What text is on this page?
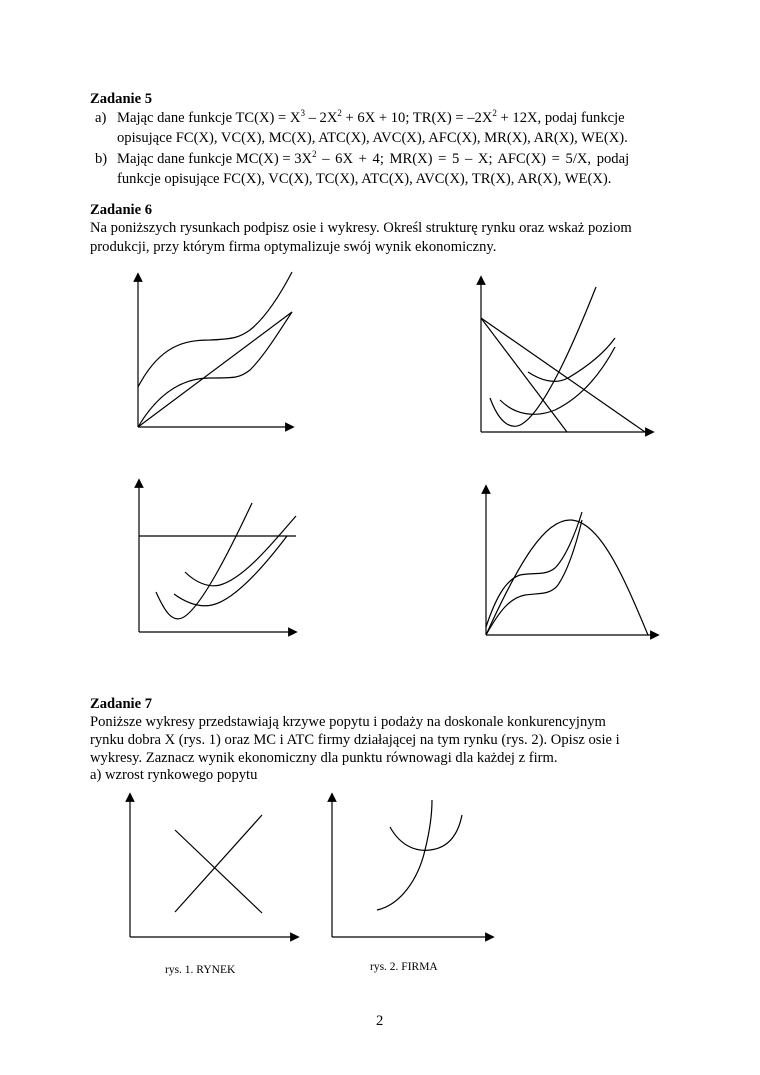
Zadanie 5
a) Mając dane funkcje $TC(X) = X^3 - 2X^2 + 6X + 10$; $TR(X) = -2X^2 + 12X$, podaj funkcje
opisujące FC(X), VC(X), MC(X), ATC(X), AVC(X), AFC(X), MR(X), AR(X), WE(X).
b) Mając dane funkcje $MC(X) = 3X^2 - 6X + 4$; MR(X) = 5 – X; AFC(X) = 5/X, podaj
funkcje opisujące FC(X), VC(X), TC(X), ATC(X), AVC(X), TR(X), AR(X), WE(X).
Zadanie 6
Na poniższych rysunkach podpisz osie i wykresy. Określ strukturę rynku oraz wskaż poziom
produkcji, przy którym firma optymalizuje swój wynik ekonomiczny.
Zadanie 7
Poniższe wykresy przedstawiają krzywe popytu i podaży na doskonale konkurencyjnym
rynku dobra X (rys. 1) oraz MC i ATC firmy działającej na tym rynku (rys. 2). Opisz osie i
wykresy. Zaznacz wynik ekonomiczny dla punktu równowagi dla każdej z firm.
a) wzrost rynkowego popytu
rys. 1. RYNEK	rys. 2. FIRMA
2
